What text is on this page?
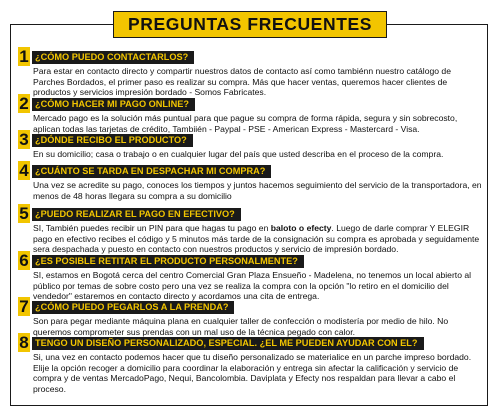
PREGUNTAS FRECUENTES
1 ¿CÓMO PUEDO CONTACTARLOS?
Para estar en contacto directo y compartir nuestros datos de contacto así como tambiénn nuestro catálogo de Parches Bordados, el primer paso es realizar su compra. Más que hacer ventas, queremos hacer clientes de productos y servicios impresión bordado - Somos Fabricates.
2 ¿CÓMO HACER MI PAGO ONLINE?
Mercado pago es la solución más puntual para que pague su compra de forma rápida, segura y sin sobrecosto, aplican todas las tarjetas de crédito, Tambiién - Paypal - PSE - American Express - Mastercard - Visa.
3 ¿DÓNDE RECIBO EL PRODUCTO?
En su domicilio; casa o trabajo o en cualquier lugar del país que usted describa en el proceso de la compra.
4 ¿CUÁNTO SE TARDA EN DESPACHAR MI COMPRA?
Una vez se acredite su pago, conoces los tiempos y juntos hacemos seguimiento del servicio de la transportadora, en menos de 48 horas llegara su compra a su domicilio
5 ¿PUEDO REALIZAR EL PAGO EN EFECTIVO?
SI, También puedes recibir un PIN para que hagas tu pago en baloto o efecty. Luego de darle comprar Y ELEGIR pago en efectivo recibes el código y 5 minutos más tarde de la consignación su compra es aprobada y seguidamente sera despachada y puesto en contacto con nuestros productos y servicio de impresión bordado.
6 ¿ES POSIBLE RETITAR EL PRODUCTO PERSONALMENTE?
SI, estamos en Bogotá cerca del centro Comercial Gran Plaza Ensueño - Madelena, no tenemos un local abierto al público por temas de sobre costo pero una vez se realiza la compra con la opción "lo retiro en el domicilio del vendedor" estaremos en contacto directo y acordamos una cita de entrega.
7 ¿CÓMO PUEDO PEGARLOS A LA PRENDA?
Son para pegar mediante máquina plana en cualquier taller de confección o modistería por medio de hilo. No queremos comprometer sus prendas con un mal uso de la técnica pegado con calor.
8 TENGO UN DISEÑO PERSONALIZADO, ESPECIAL. ¿EL ME PUEDEN AYUDAR CON EL?
Si, una vez en contacto podemos hacer que tu diseño personalizado se materialice en un parche impreso bordado. Elije la opción recoger a domicilio para coordinar la elaboración y entrega sin afectar la calificación y servicio de compra y de ventas MercadoPago, Nequi, Bancolombia. Daviplata y Efecty nos respaldan para llevar a cabo el proceso.
